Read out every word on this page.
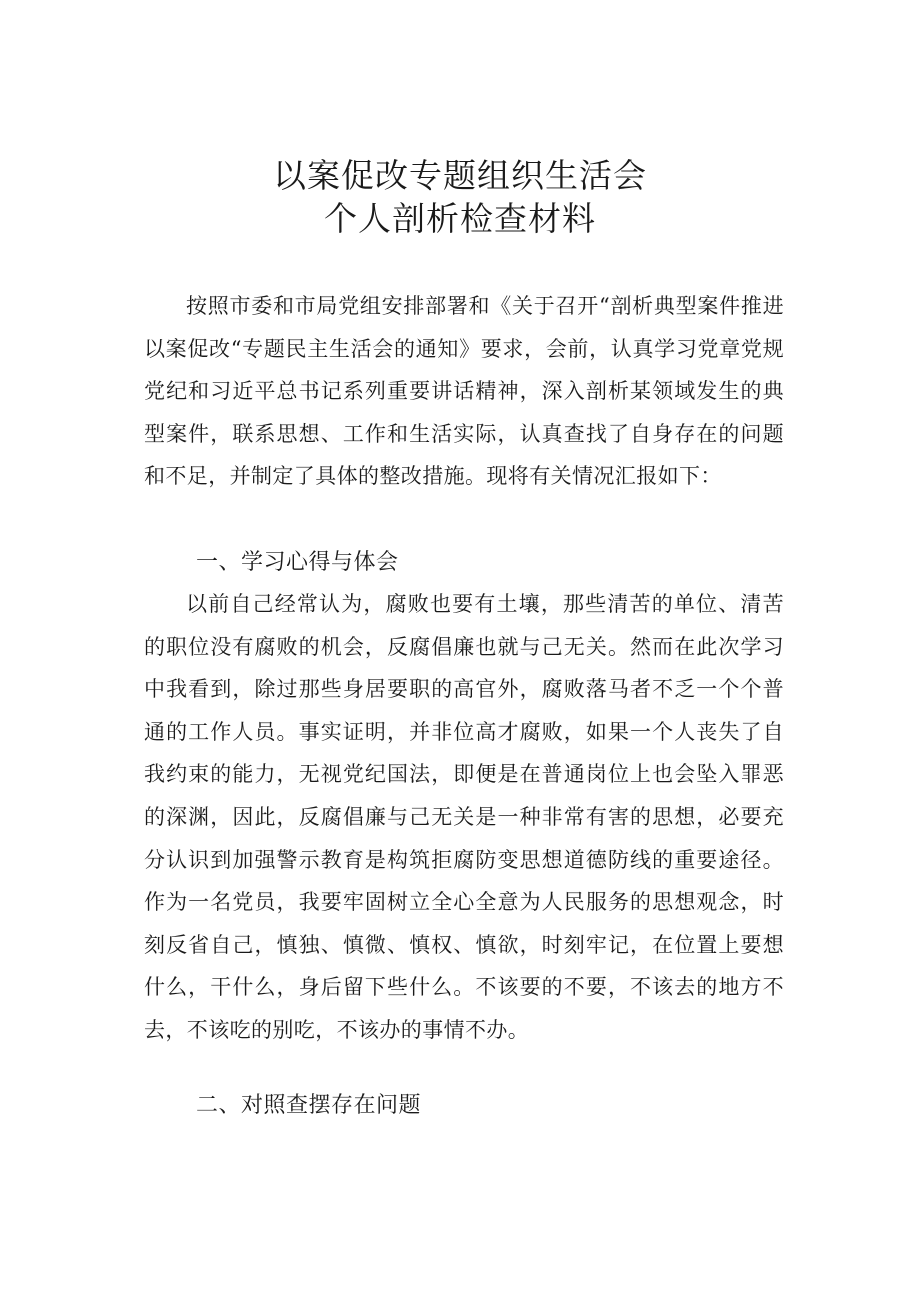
以案促改专题组织生活会
个人剖析检查材料

按照市委和市局党组安排部署和《关于召开“剖析典型案件推进以案促改“专题民主生活会的通知》要求，会前，认真学习党章党规党纪和习近平总书记系列重要讲话精神，深入剖析某领域发生的典型案件，联系思想、工作和生活实际，认真查找了自身存在的问题和不足，并制定了具体的整改措施。现将有关情况汇报如下：

一、学习心得与体会

以前自己经常认为，腐败也要有土壤，那些清苦的单位、清苦的职位没有腐败的机会，反腐倡廉也就与己无关。然而在此次学习中我看到，除过那些身居要职的高官外，腐败落马者不乏一个个普通的工作人员。事实证明，并非位高才腐败，如果一个人丧失了自我约束的能力，无视党纪国法，即便是在普通岗位上也会坠入罪恶的深渊，因此，反腐倡廉与己无关是一种非常有害的思想，必要充分认识到加强警示教育是构筑拒腐防变思想道德防线的重要途径。作为一名党员，我要牢固树立全心全意为人民服务的思想观念，时刻反省自己，慎独、慎微、慎权、慎欲，时刻牢记，在位置上要想什么，干什么，身后留下些什么。不该要的不要，不该去的地方不去，不该吃的别吃，不该办的事情不办。

二、对照查摆存在问题
